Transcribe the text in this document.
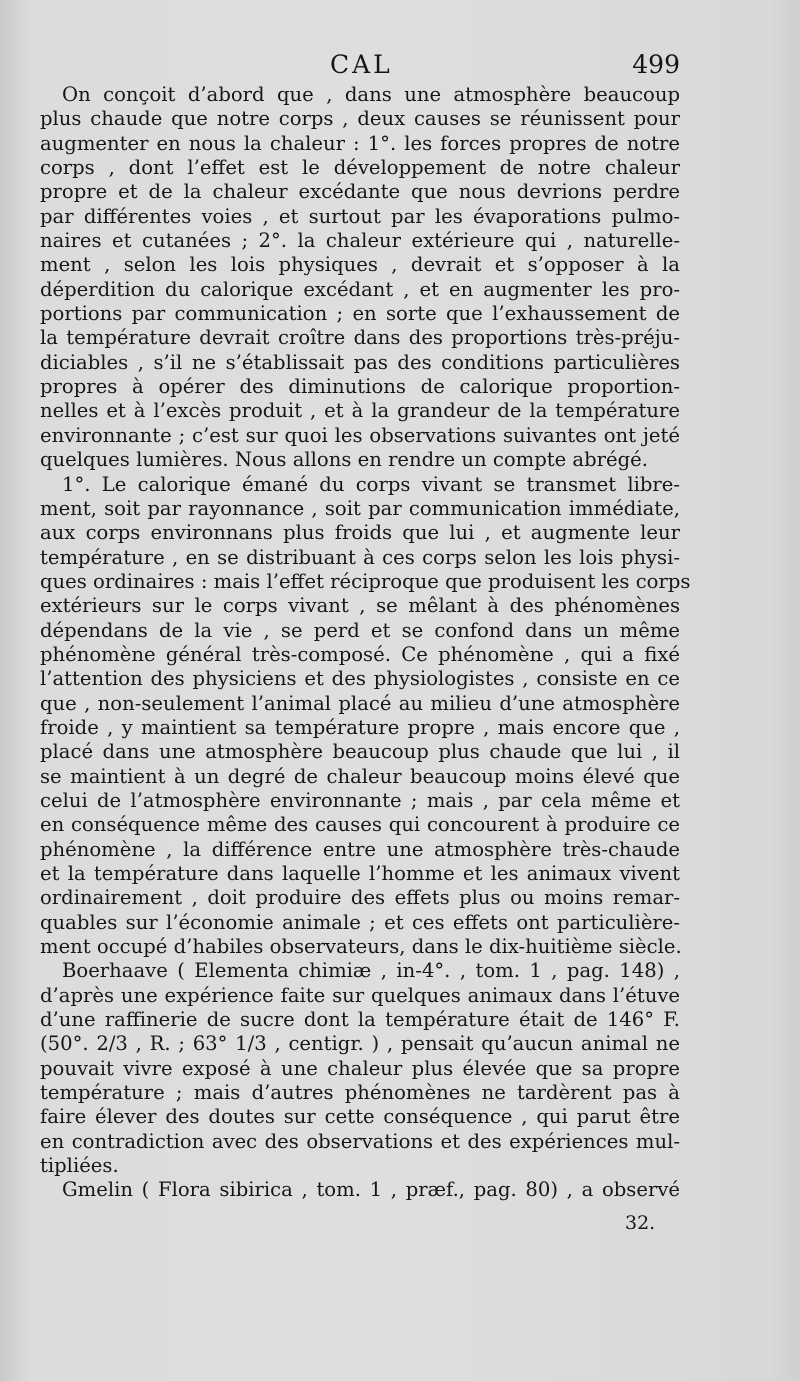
CAL	499
On conçoit d’abord que , dans une atmosphère beaucoup
plus chaude que notre corps , deux causes se réunissent pour
augmenter en nous la chaleur : 1°. les forces propres de notre
corps , dont l’effet est le développement de notre chaleur
propre et de la chaleur excédante que nous devrions perdre
par différentes voies , et surtout par les évaporations pulmo-
naires et cutanées ; 2°. la chaleur extérieure qui , naturelle-
ment , selon les lois physiques , devrait et s’opposer à la
déperdition du calorique excédant , et en augmenter les pro-
portions par communication ; en sorte que l’exhaussement de
la température devrait croître dans des proportions très-préju-
diciables , s’il ne s’établissait pas des conditions particulières
propres à opérer des diminutions de calorique proportion-
nelles et à l’excès produit , et à la grandeur de la température
environnante ; c’est sur quoi les observations suivantes ont jeté
quelques lumières. Nous allons en rendre un compte abrégé.
1°. Le calorique émané du corps vivant se transmet libre-
ment, soit par rayonnance , soit par communication immédiate,
aux corps environnans plus froids que lui , et augmente leur
température , en se distribuant à ces corps selon les lois physi-
ques ordinaires : mais l’effet réciproque que produisent les corps
extérieurs sur le corps vivant , se mêlant à des phénomènes
dépendans de la vie , se perd et se confond dans un même
phénomène général très-composé. Ce phénomène , qui a fixé
l’attention des physiciens et des physiologistes , consiste en ce
que , non-seulement l’animal placé au milieu d’une atmosphère
froide , y maintient sa température propre , mais encore que ,
placé dans une atmosphère beaucoup plus chaude que lui , il
se maintient à un degré de chaleur beaucoup moins élevé que
celui de l’atmosphère environnante ; mais , par cela même et
en conséquence même des causes qui concourent à produire ce
phénomène , la différence entre une atmosphère très-chaude
et la température dans laquelle l’homme et les animaux vivent
ordinairement , doit produire des effets plus ou moins remar-
quables sur l’économie animale ; et ces effets ont particulière-
ment occupé d’habiles observateurs, dans le dix-huitième siècle.
Boerhaave ( Elementa chimiæ , in-4°. , tom. 1 , pag. 148) ,
d’après une expérience faite sur quelques animaux dans l’étuve
d’une raffinerie de sucre dont la température était de 146° F.
(50°. 2/3 , R. ; 63° 1/3 , centigr. ) , pensait qu’aucun animal ne
pouvait vivre exposé à une chaleur plus élevée que sa propre
température ; mais d’autres phénomènes ne tardèrent pas à
faire élever des doutes sur cette conséquence , qui parut être
en contradiction avec des observations et des expériences mul-
tipliées.
Gmelin ( Flora sibirica , tom. 1 , præf., pag. 80) , a observé
32.
